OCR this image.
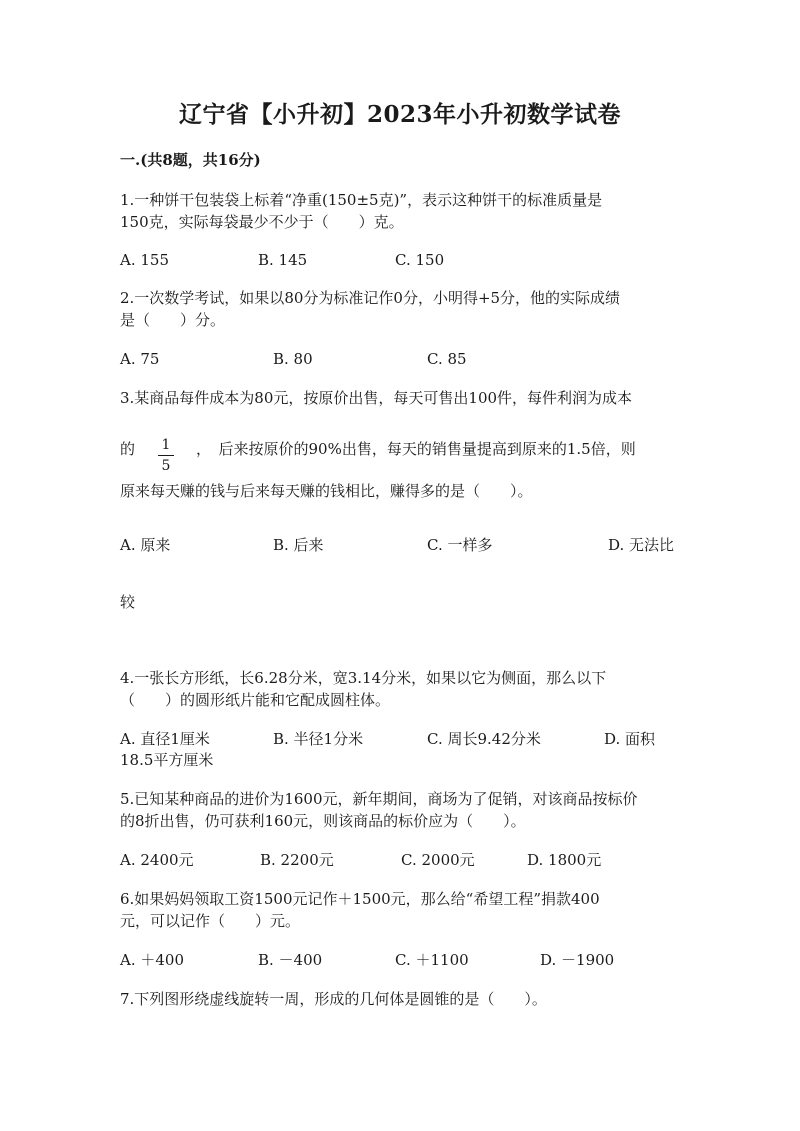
辽宁省【小升初】2023年小升初数学试卷
一.(共8题，共16分)
1.一种饼干包装袋上标着“净重(150±5克)”，表示这种饼干的标准质量是
150克，实际每袋最少不少于（　　）克。
A. 155	B. 145	C. 150
2.一次数学考试，如果以80分为标准记作0分，小明得+5分，他的实际成绩
是（　　）分。
A. 75	B. 80	C. 85
3.某商品每件成本为80元，按原价出售，每天可售出100件，每件利润为成本
的	1
5
，　后来按原价的90%出售，每天的销售量提高到原来的1.5倍，则
原来每天赚的钱与后来每天赚的钱相比，赚得多的是（　　）。
A. 原来	B. 后来	C. 一样多	D. 无法比
较
4.一张长方形纸，长6.28分米，宽3.14分米，如果以它为侧面，那么以下
（　　）的圆形纸片能和它配成圆柱体。
A. 直径1厘米	B. 半径1分米	C. 周长9.42分米	D. 面积
18.5平方厘米
5.已知某种商品的进价为1600元，新年期间，商场为了促销，对该商品按标价
的8折出售，仍可获利160元，则该商品的标价应为（　　）。
A. 2400元	B. 2200元	C. 2000元	D. 1800元
6.如果妈妈领取工资1500元记作＋1500元，那么给“希望工程”捐款400
元，可以记作（　　）元。
A. ＋400	B. －400	C. ＋1100	D. －1900
7.下列图形绕虚线旋转一周，形成的几何体是圆锥的是（　　）。
